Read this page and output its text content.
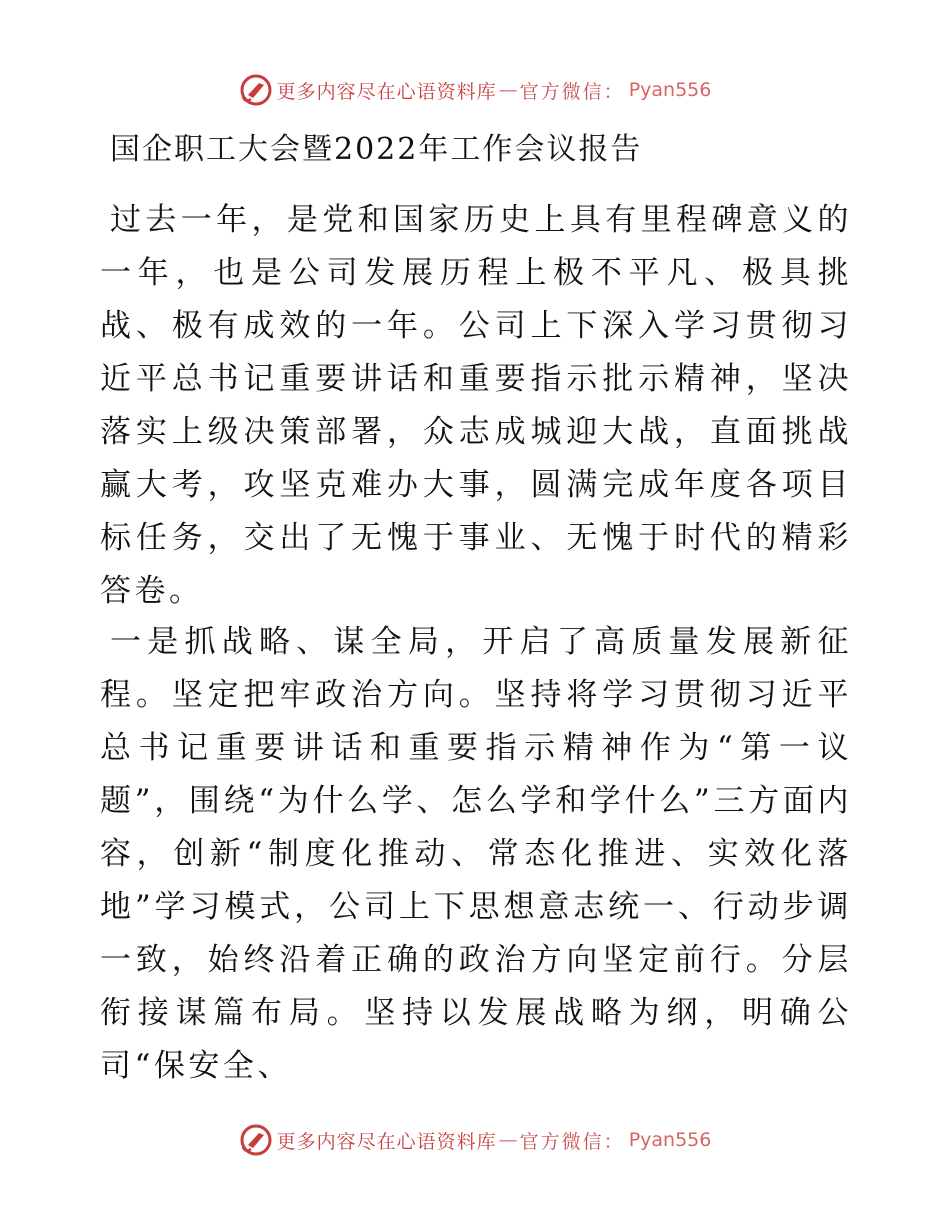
更多内容尽在心语资料库 — 官方微信 ： Pyan556
国企职工大会暨2022年工作会议报告

过去一年，是党和国家历史上具有里程碑意义的一年，也是公司发展历程上极不平凡、极具挑战、极有成效的一年。公司上下深入学习贯彻习近平总书记重要讲话和重要指示批示精神，坚决落实上级决策部署，众志成城迎大战，直面挑战赢大考，攻坚克难办大事，圆满完成年度各项目标任务，交出了无愧于事业、无愧于时代的精彩答卷。

一是抓战略、谋全局，开启了高质量发展新征程。坚定把牢政治方向。坚持将学习贯彻习近平总书记重要讲话和重要指示精神作为“第一议题”，围绕“为什么学、怎么学和学什么”三方面内容，创新“制度化推动、常态化推进、实效化落地”学习模式，公司上下思想意志统一、行动步调一致，始终沿着正确的政治方向坚定前行。分层衔接谋篇布局。坚持以发展战略为纲，明确公司“保安全、

更多内容尽在心语资料库 — 官方微信 ： Pyan556
